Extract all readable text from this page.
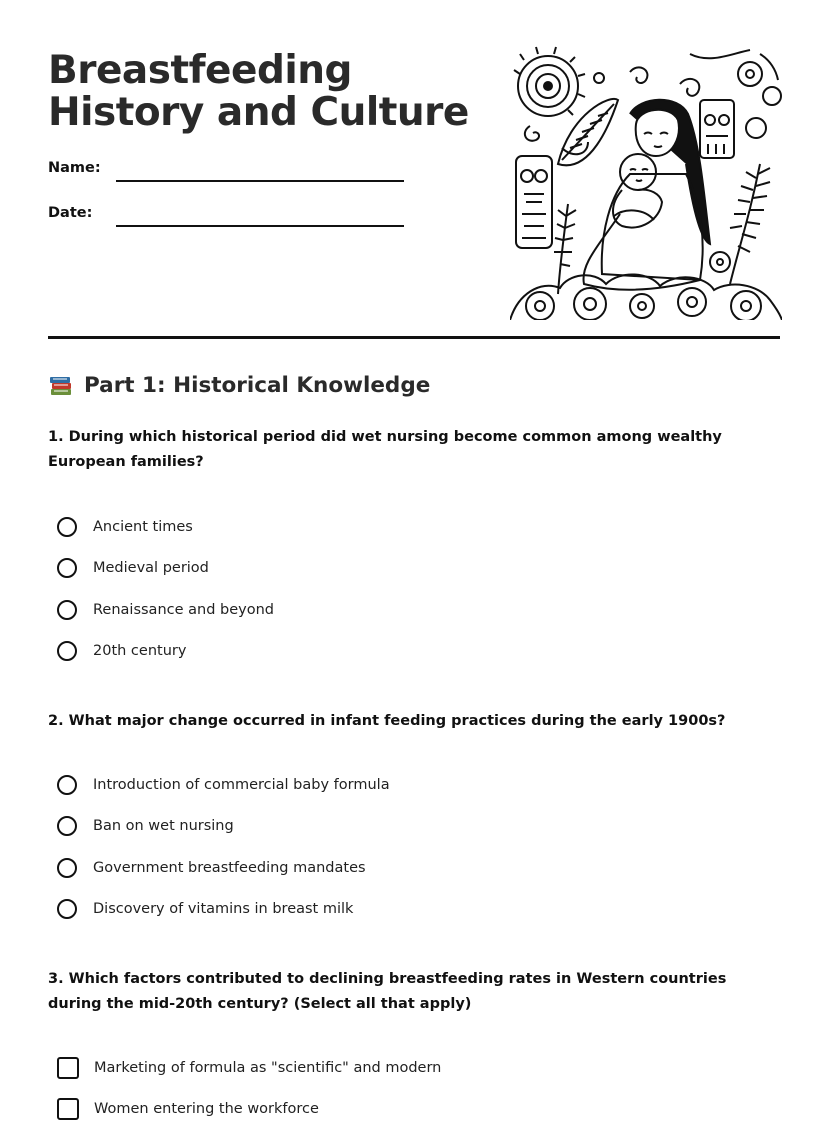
Breastfeeding History and Culture
Name:
Date:
Part 1: Historical Knowledge

1. During which historical period did wet nursing become common among wealthy European families?

Ancient times
Medieval period
Renaissance and beyond
20th century

2. What major change occurred in infant feeding practices during the early 1900s?

Introduction of commercial baby formula
Ban on wet nursing
Government breastfeeding mandates
Discovery of vitamins in breast milk

3. Which factors contributed to declining breastfeeding rates in Western countries during the mid-20th century? (Select all that apply)

Marketing of formula as "scientific" and modern
Women entering the workforce
